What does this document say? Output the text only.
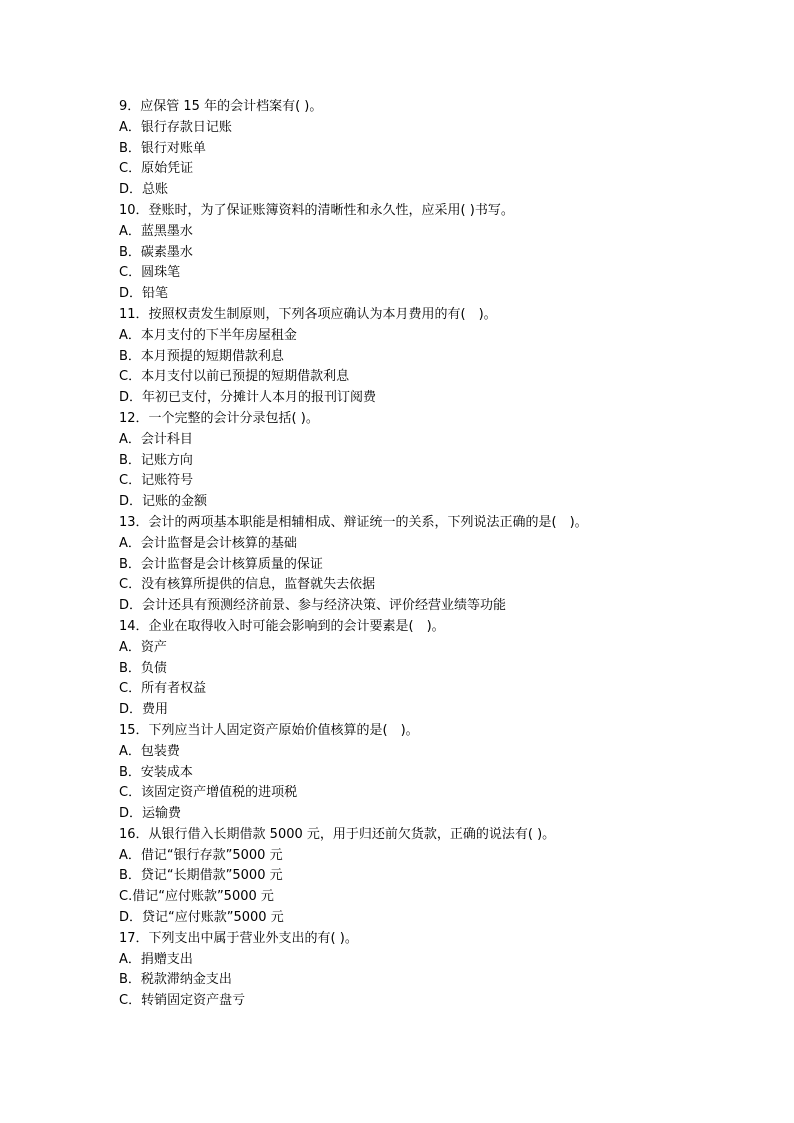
9．应保管 15 年的会计档案有( )。
A．银行存款日记账
B．银行对账单
C．原始凭证
D．总账
10．登账时，为了保证账簿资料的清晰性和永久性，应采用( )书写。
A．蓝黑墨水
B．碳素墨水
C．圆珠笔
D．铅笔
11．按照权责发生制原则，下列各项应确认为本月费用的有(　)。
A．本月支付的下半年房屋租金
B．本月预提的短期借款利息
C．本月支付以前已预提的短期借款利息
D．年初已支付，分摊计人本月的报刊订阅费
12．一个完整的会计分录包括( )。
A．会计科目
B．记账方向
C．记账符号
D．记账的金额
13．会计的两项基本职能是相辅相成、辩证统一的关系，下列说法正确的是(　)。
A．会计监督是会计核算的基础
B．会计监督是会计核算质量的保证
C．没有核算所提供的信息，监督就失去依据
D．会计还具有预测经济前景、参与经济决策、评价经营业绩等功能
14．企业在取得收入时可能会影响到的会计要素是(　)。
A．资产
B．负债
C．所有者权益
D．费用
15．下列应当计人固定资产原始价值核算的是(　)。
A．包装费
B．安装成本
C．该固定资产增值税的进项税
D．运输费
16．从银行借入长期借款 5000 元，用于归还前欠货款，正确的说法有( )。
A．借记“银行存款”5000 元
B．贷记“长期借款”5000 元
C.借记“应付账款”5000 元
D．贷记“应付账款”5000 元
17．下列支出中属于营业外支出的有( )。
A．捐赠支出
B．税款滞纳金支出
C．转销固定资产盘亏
